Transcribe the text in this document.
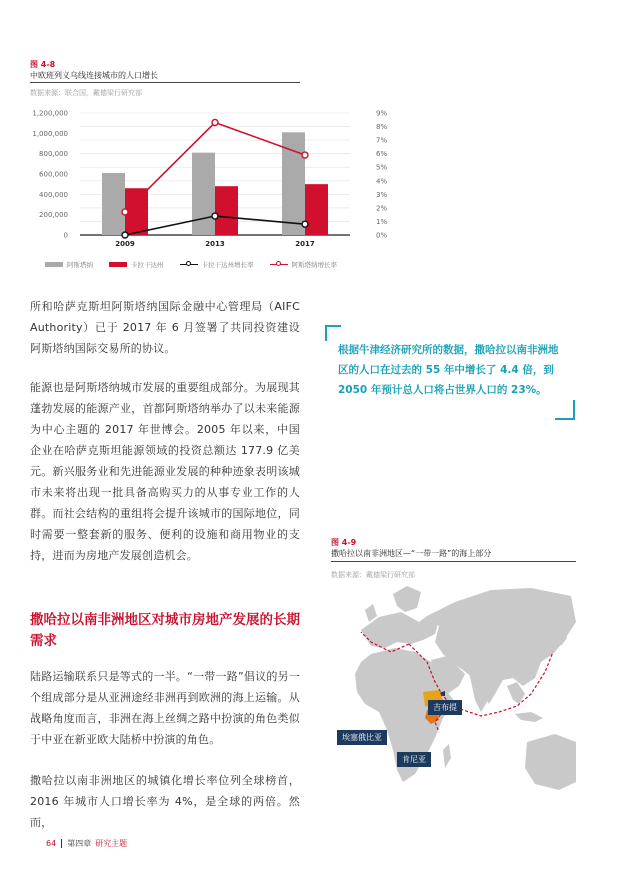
图 4-8
中欧班列义乌线连接城市的人口增长
数据来源：联合国，戴德梁行研究部
0
200,000
400,000
600,000
800,000
1,000,000
1,200,000
0%
1%
2%
3%
4%
5%
6%
7%
8%
9%
2009	2013	2017
阿斯塔纳	卡拉干达州	卡拉干达州增长率	阿斯塔纳增长率
所和哈萨克斯坦阿斯塔纳国际金融中心管理局（AIFC Authority）已于 2017 年 6 月签署了共同投资建设阿斯塔纳国际交易所的协议。
能源也是阿斯塔纳城市发展的重要组成部分。为展现其蓬勃发展的能源产业，首都阿斯塔纳举办了以未来能源为中心主题的 2017 年世博会。2005 年以来，中国企业在哈萨克斯坦能源领域的投资总额达 177.9 亿美元。新兴服务业和先进能源业发展的种种迹象表明该城市未来将出现一批具备高购买力的从事专业工作的人群。而社会结构的重组将会提升该城市的国际地位，同时需要一整套新的服务、便利的设施和商用物业的支持，进而为房地产发展创造机会。
撒哈拉以南非洲地区对城市房地产发展的长期需求
陆路运输联系只是等式的一半。“一带一路”倡议的另一个组成部分是从亚洲途经非洲再到欧洲的海上运输。从战略角度而言，非洲在海上丝绸之路中扮演的角色类似于中亚在新亚欧大陆桥中扮演的角色。
撒哈拉以南非洲地区的城镇化增长率位列全球榜首，2016 年城市人口增长率为 4%，是全球的两倍。然而，
根据牛津经济研究所的数据，撒哈拉以南非洲地区的人口在过去的 55 年中增长了 4.4 倍，到 2050 年预计总人口将占世界人口的 23%。
图 4-9
撒哈拉以南非洲地区—“一带一路”的海上部分
数据来源：戴德梁行研究部
吉布提
埃塞俄比亚
肯尼亚
64 第四章 研究主题
